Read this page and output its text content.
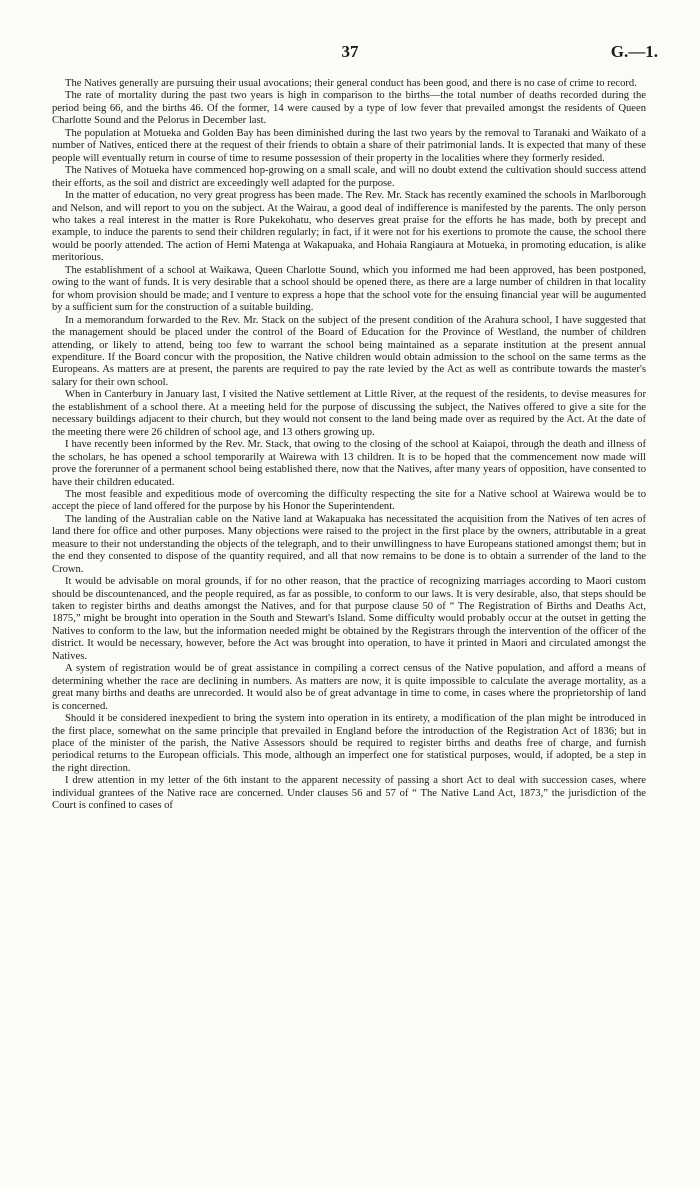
37	G.—1.

The Natives generally are pursuing their usual avocations; their general conduct has been good, and there is no case of crime to record.

The rate of mortality during the past two years is high in comparison to the births—the total number of deaths recorded during the period being 66, and the births 46. Of the former, 14 were caused by a type of low fever that prevailed amongst the residents of Queen Charlotte Sound and the Pelorus in December last.

The population at Motueka and Golden Bay has been diminished during the last two years by the removal to Taranaki and Waikato of a number of Natives, enticed there at the request of their friends to obtain a share of their patrimonial lands. It is expected that many of these people will eventually return in course of time to resume possession of their property in the localities where they formerly resided.

The Natives of Motueka have commenced hop-growing on a small scale, and will no doubt extend the cultivation should success attend their efforts, as the soil and district are exceedingly well adapted for the purpose.

In the matter of education, no very great progress has been made. The Rev. Mr. Stack has recently examined the schools in Marlborough and Nelson, and will report to you on the subject. At the Wairau, a good deal of indifference is manifested by the parents. The only person who takes a real interest in the matter is Rore Pukekohatu, who deserves great praise for the efforts he has made, both by precept and example, to induce the parents to send their children regularly; in fact, if it were not for his exertions to promote the cause, the school there would be poorly attended. The action of Hemi Matenga at Wakapuaka, and Hohaia Rangiaura at Motueka, in promoting education, is alike meritorious.

The establishment of a school at Waikawa, Queen Charlotte Sound, which you informed me had been approved, has been postponed, owing to the want of funds. It is very desirable that a school should be opened there, as there are a large number of children in that locality for whom provision should be made; and I venture to express a hope that the school vote for the ensuing financial year will be augumented by a sufficient sum for the construction of a suitable building.

In a memorandum forwarded to the Rev. Mr. Stack on the subject of the present condition of the Arahura school, I have suggested that the management should be placed under the control of the Board of Education for the Province of Westland, the number of children attending, or likely to attend, being too few to warrant the school being maintained as a separate institution at the present annual expenditure. If the Board concur with the proposition, the Native children would obtain admission to the school on the same terms as the Europeans. As matters are at present, the parents are required to pay the rate levied by the Act as well as contribute towards the master's salary for their own school.

When in Canterbury in January last, I visited the Native settlement at Little River, at the request of the residents, to devise measures for the establishment of a school there. At a meeting held for the purpose of discussing the subject, the Natives offered to give a site for the necessary buildings adjacent to their church, but they would not consent to the land being made over as required by the Act. At the date of the meeting there were 26 children of school age, and 13 others growing up.

I have recently been informed by the Rev. Mr. Stack, that owing to the closing of the school at Kaiapoi, through the death and illness of the scholars, he has opened a school temporarily at Wairewa with 13 children. It is to be hoped that the commencement now made will prove the forerunner of a permanent school being established there, now that the Natives, after many years of opposition, have consented to have their children educated.

The most feasible and expeditious mode of overcoming the difficulty respecting the site for a Native school at Wairewa would be to accept the piece of land offered for the purpose by his Honor the Superintendent.

The landing of the Australian cable on the Native land at Wakapuaka has necessitated the acquisition from the Natives of ten acres of land there for office and other purposes. Many objections were raised to the project in the first place by the owners, attributable in a great measure to their not understanding the objects of the telegraph, and to their unwillingness to have Europeans stationed amongst them; but in the end they consented to dispose of the quantity required, and all that now remains to be done is to obtain a surrender of the land to the Crown.

It would be advisable on moral grounds, if for no other reason, that the practice of recognizing marriages according to Maori custom should be discountenanced, and the people required, as far as possible, to conform to our laws. It is very desirable, also, that steps should be taken to register births and deaths amongst the Natives, and for that purpose clause 50 of “ The Registration of Births and Deaths Act, 1875,” might be brought into operation in the South and Stewart's Island. Some difficulty would probably occur at the outset in getting the Natives to conform to the law, but the information needed might be obtained by the Registrars through the intervention of the officer of the district. It would be necessary, however, before the Act was brought into operation, to have it printed in Maori and circulated amongst the Natives.

A system of registration would be of great assistance in compiling a correct census of the Native population, and afford a means of determining whether the race are declining in numbers. As matters are now, it is quite impossible to calculate the average mortality, as a great many births and deaths are unrecorded. It would also be of great advantage in time to come, in cases where the proprietorship of land is concerned.

Should it be considered inexpedient to bring the system into operation in its entirety, a modification of the plan might be introduced in the first place, somewhat on the same principle that prevailed in England before the introduction of the Registration Act of 1836; but in place of the minister of the parish, the Native Assessors should be required to register births and deaths free of charge, and furnish periodical returns to the European officials. This mode, although an imperfect one for statistical purposes, would, if adopted, be a step in the right direction.

I drew attention in my letter of the 6th instant to the apparent necessity of passing a short Act to deal with succession cases, where individual grantees of the Native race are concerned. Under clauses 56 and 57 of “ The Native Land Act, 1873,” the jurisdiction of the Court is confined to cases of
